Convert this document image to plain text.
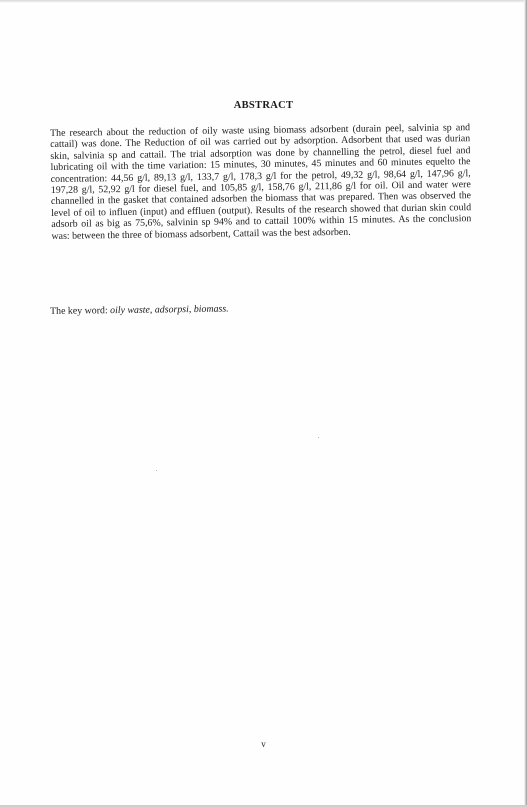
ABSTRACT

The research about the reduction of oily waste using biomass adsorbent (durain peel, salvinia sp and cattail) was done. The Reduction of oil was carried out by adsorption. Adsorbent that used was durian skin, salvinia sp and cattail. The trial adsorption was done by channelling the petrol, diesel fuel and lubricating oil with the time variation: 15 minutes, 30 minutes, 45 minutes and 60 minutes equelto the concentration: 44,56 g/l, 89,13 g/l, 133,7 g/l, 178,3 g/l for the petrol, 49,32 g/l, 98,64 g/l, 147,96 g/l, 197,28 g/l, 52,92 g/l for diesel fuel, and 105,85 g/l, 158,76 g/l, 211,86 g/l for oil. Oil and water were channelled in the gasket that contained adsorben the biomass that was prepared. Then was observed the level of oil to influen (input) and effluen (output). Results of the research showed that durian skin could adsorb oil as big as 75,6%, salvinin sp 94% and to cattail 100% within 15 minutes. As the conclusion was: between the three of biomass adsorbent, Cattail was the best adsorben.

The key word: oily waste, adsorpsi, biomass.

v
